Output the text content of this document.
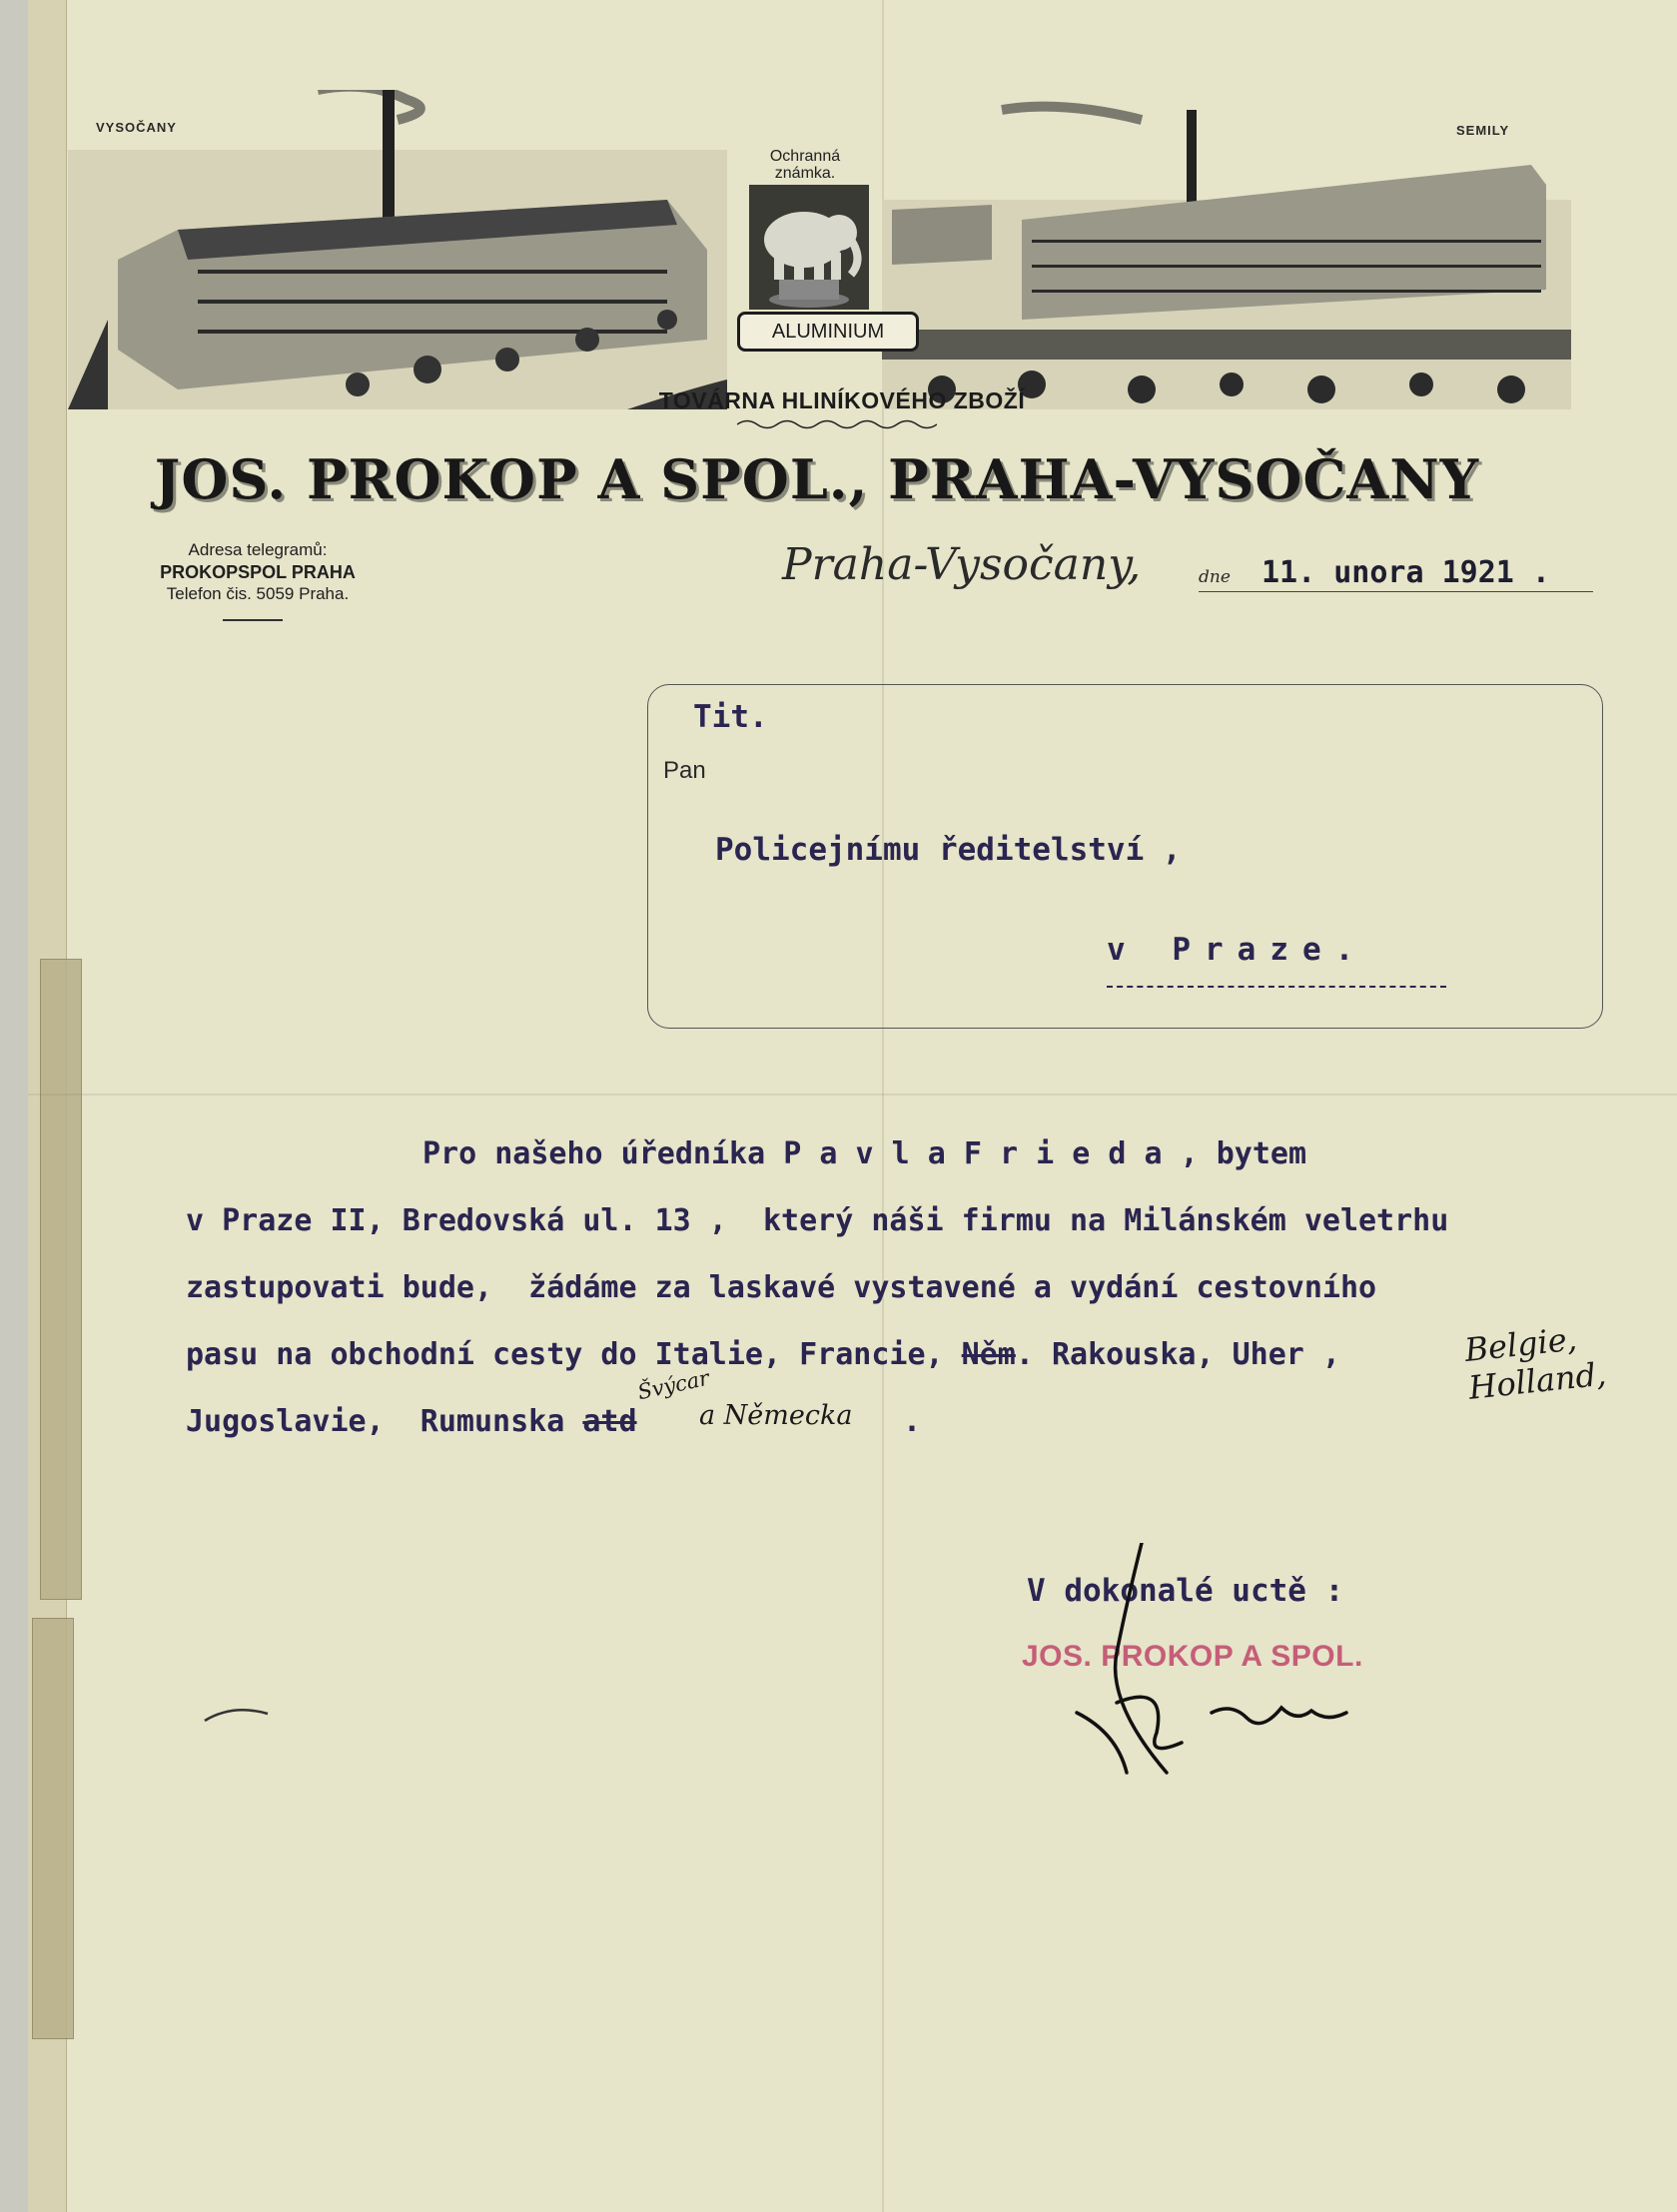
VYSOČANY	SEMILY
Ochranná
známka.
ALUMINIUM
TOVÁRNA HLINÍKOVÉHO ZBOŽÍ
JOS. PROKOP A SPOL., PRAHA-VYSOČANY
Adresa telegramů:
PROKOPSPOL PRAHA
Telefon čis. 5059 Praha.
Praha-Vysočany,	dne 11. unora 1921 .
Tit.
Pan
Policejnímu ředitelství ,
v Praze.
Pro našeho úředníka P a v l a F r i e d a , bytem
v Praze II, Bredovská ul. 13 ,  který náši firmu na Milánském veletrhu
zastupovati bude,  žádáme za laskavé vystavené a vydání cestovního
pasu na obchodní cesty do Italie, Francie, Něm. Rakouska, Uher ,	Belgie, Holland,
Jugoslavie,  Rumunska atd
Švýcar
a Německa .
V dokonalé uctě :
JOS. PROKOP A SPOL.
